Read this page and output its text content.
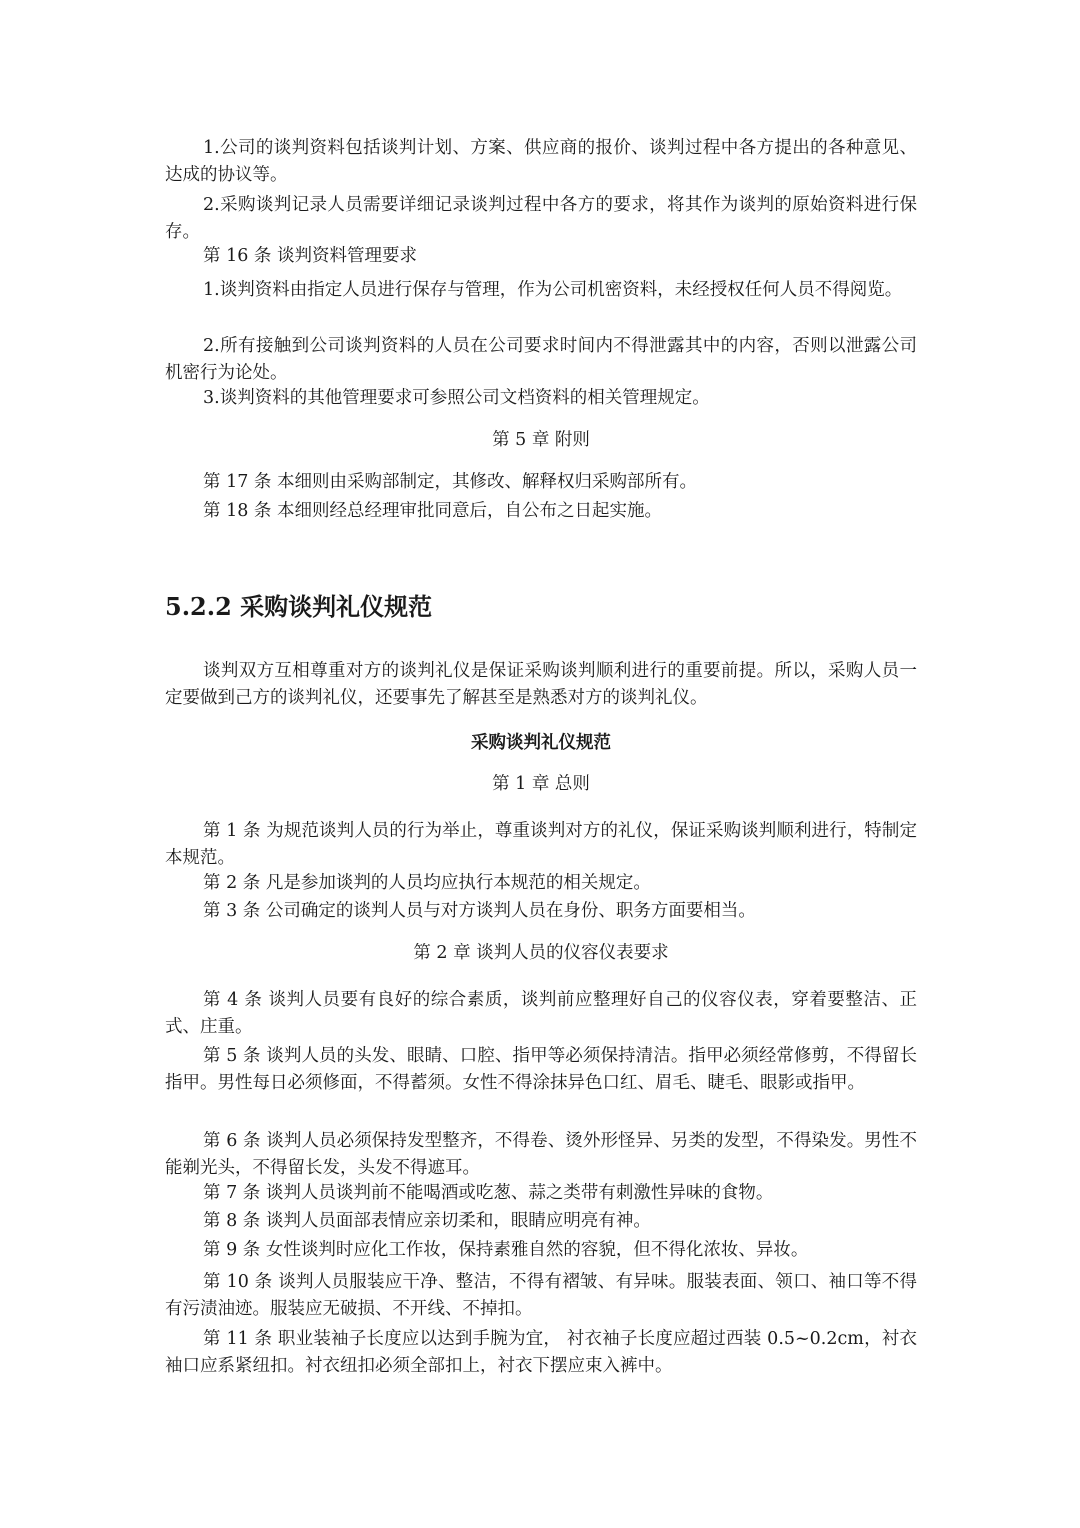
1.公司的谈判资料包括谈判计划、方案、供应商的报价、谈判过程中各方提出的各种意见、达成的协议等。

2.采购谈判记录人员需要详细记录谈判过程中各方的要求，将其作为谈判的原始资料进行保存。

第 16 条 谈判资料管理要求

1.谈判资料由指定人员进行保存与管理，作为公司机密资料，未经授权任何人员不得阅览。

2.所有接触到公司谈判资料的人员在公司要求时间内不得泄露其中的内容，否则以泄露公司机密行为论处。

3.谈判资料的其他管理要求可参照公司文档资料的相关管理规定。

第 5 章 附则

第 17 条 本细则由采购部制定，其修改、解释权归采购部所有。

第 18 条 本细则经总经理审批同意后，自公布之日起实施。

5.2.2 采购谈判礼仪规范

谈判双方互相尊重对方的谈判礼仪是保证采购谈判顺利进行的重要前提。所以，采购人员一定要做到己方的谈判礼仪，还要事先了解甚至是熟悉对方的谈判礼仪。

采购谈判礼仪规范

第 1 章 总则

第 1 条 为规范谈判人员的行为举止，尊重谈判对方的礼仪，保证采购谈判顺利进行，特制定本规范。

第 2 条 凡是参加谈判的人员均应执行本规范的相关规定。

第 3 条 公司确定的谈判人员与对方谈判人员在身份、职务方面要相当。

第 2 章 谈判人员的仪容仪表要求

第 4 条 谈判人员要有良好的综合素质，谈判前应整理好自己的仪容仪表，穿着要整洁、正式、庄重。

第 5 条 谈判人员的头发、眼睛、口腔、指甲等必须保持清洁。指甲必须经常修剪，不得留长指甲。男性每日必须修面，不得蓄须。女性不得涂抹异色口红、眉毛、睫毛、眼影或指甲。

第 6 条 谈判人员必须保持发型整齐，不得卷、烫外形怪异、另类的发型，不得染发。男性不能剃光头，不得留长发，头发不得遮耳。

第 7 条 谈判人员谈判前不能喝酒或吃葱、蒜之类带有刺激性异味的食物。

第 8 条 谈判人员面部表情应亲切柔和，眼睛应明亮有神。

第 9 条 女性谈判时应化工作妆，保持素雅自然的容貌，但不得化浓妆、异妆。

第 10 条 谈判人员服装应干净、整洁，不得有褶皱、有异味。服装表面、领口、袖口等不得有污渍油迹。服装应无破损、不开线、不掉扣。

第 11 条 职业装袖子长度应以达到手腕为宜， 衬衣袖子长度应超过西装 0.5~0.2cm，衬衣袖口应系紧纽扣。衬衣纽扣必须全部扣上，衬衣下摆应束入裤中。
